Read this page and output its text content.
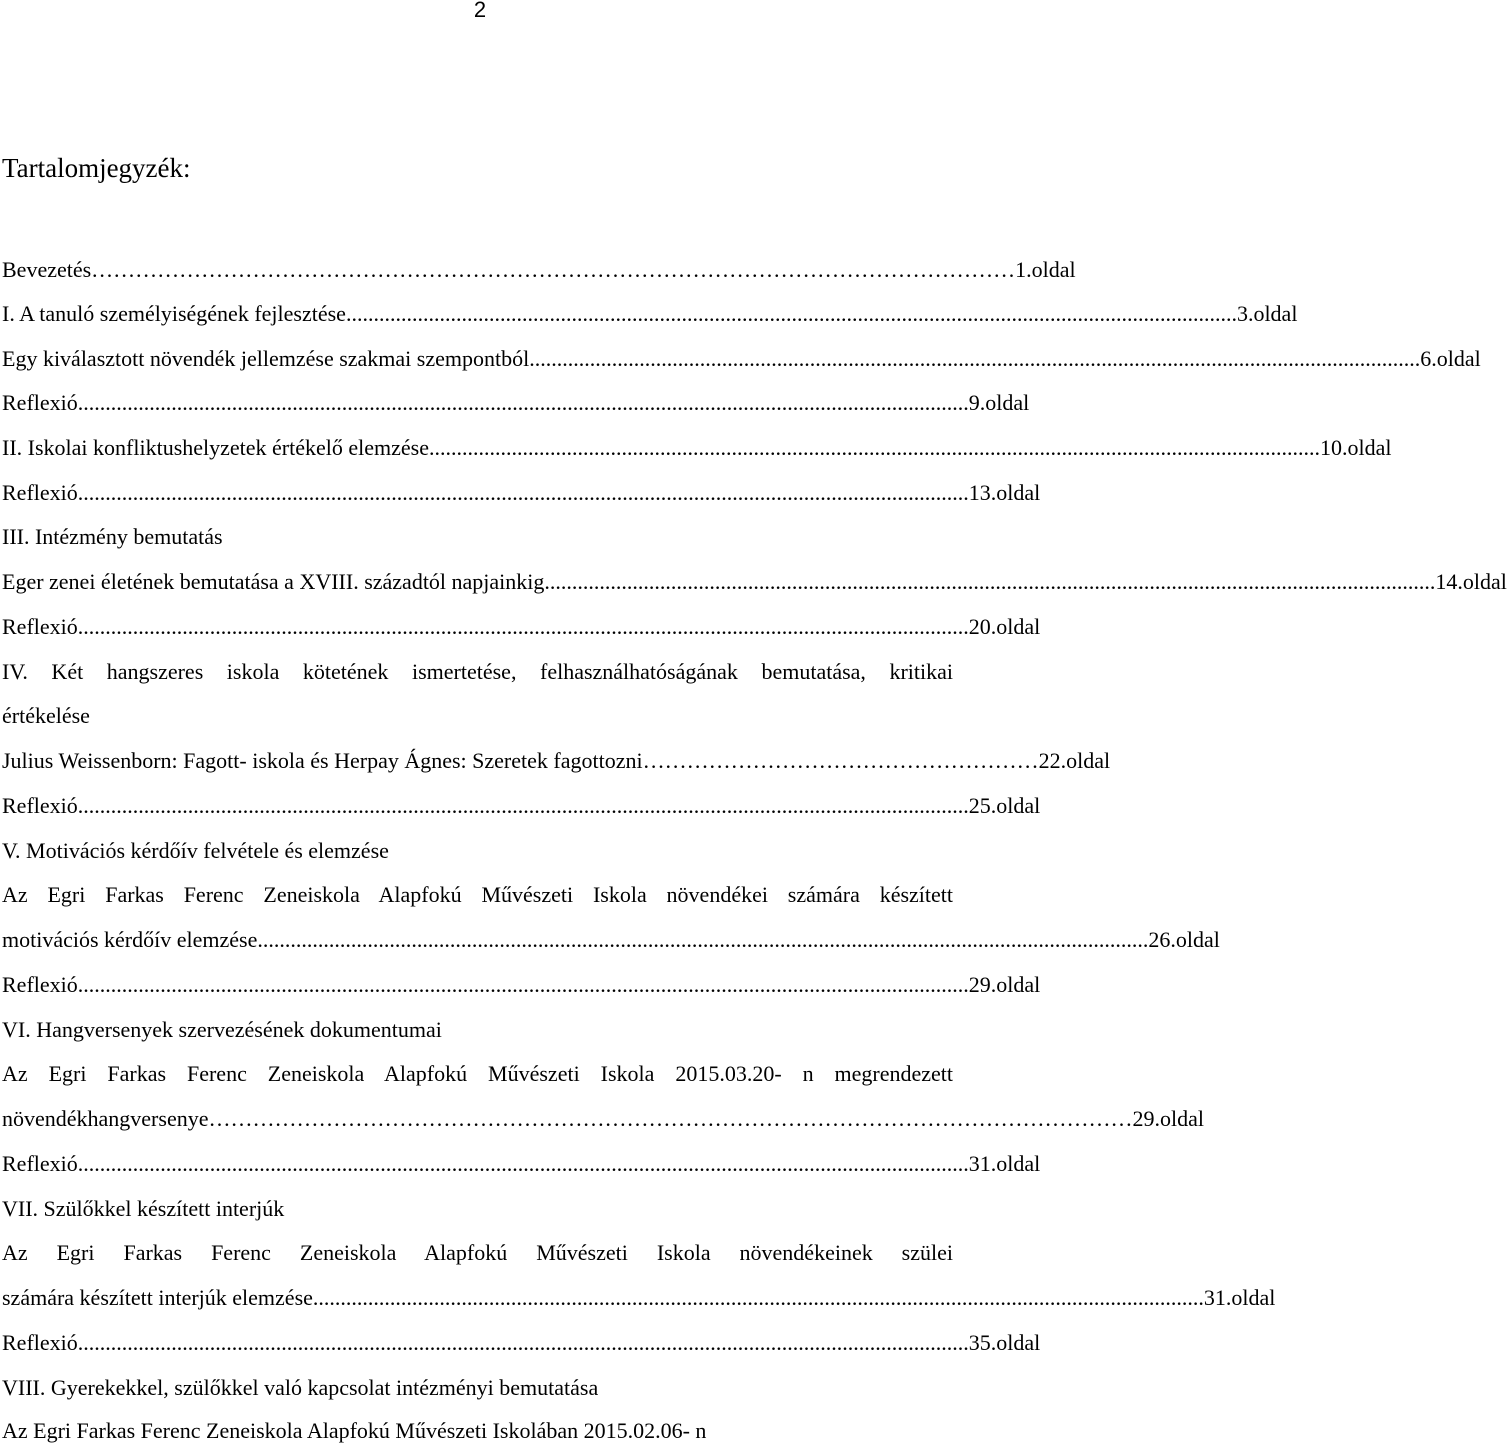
2
Tartalomjegyzék:
Bevezetés ……………………………………………………………………………………………………………… 1.oldal
I. A tanuló személyiségének fejlesztése .................................................................................................................................................................. 3.oldal
Egy kiválasztott növendék jellemzése szakmai szempontból .................................................................................................................................................................. 6.oldal
Reflexió .................................................................................................................................................................. 9.oldal
II. Iskolai konfliktushelyzetek értékelő elemzése .................................................................................................................................................................. 10.oldal
Reflexió .................................................................................................................................................................. 13.oldal
III. Intézmény bemutatás
Eger zenei életének bemutatása a XVIII. századtól napjainkig .................................................................................................................................................................. 14.oldal
Reflexió .................................................................................................................................................................. 20.oldal
IV. Két hangszeres iskola kötetének ismertetése, felhasználhatóságának bemutatása, kritikai
értékelése
Julius Weissenborn: Fagott- iskola és Herpay Ágnes: Szeretek fagottozni ……………………………………………… 22.oldal
Reflexió .................................................................................................................................................................. 25.oldal
V. Motivációs kérdőív felvétele és elemzése
Az Egri Farkas Ferenc Zeneiskola Alapfokú Művészeti Iskola növendékei számára készített
motivációs kérdőív elemzése .................................................................................................................................................................. 26.oldal
Reflexió .................................................................................................................................................................. 29.oldal
VI. Hangversenyek szervezésének dokumentumai
Az Egri Farkas Ferenc Zeneiskola Alapfokú Művészeti Iskola 2015.03.20- n megrendezett
növendékhangversenye ……………………………………………………………………………………………………………… 29.oldal
Reflexió .................................................................................................................................................................. 31.oldal
VII. Szülőkkel készített interjúk
Az Egri Farkas Ferenc Zeneiskola Alapfokú Művészeti Iskola növendékeinek szülei
számára készített interjúk elemzése .................................................................................................................................................................. 31.oldal
Reflexió .................................................................................................................................................................. 35.oldal
VIII. Gyerekekkel, szülőkkel való kapcsolat intézményi bemutatása
Az Egri Farkas Ferenc Zeneiskola Alapfokú Művészeti Iskolában 2015.02.06- n
